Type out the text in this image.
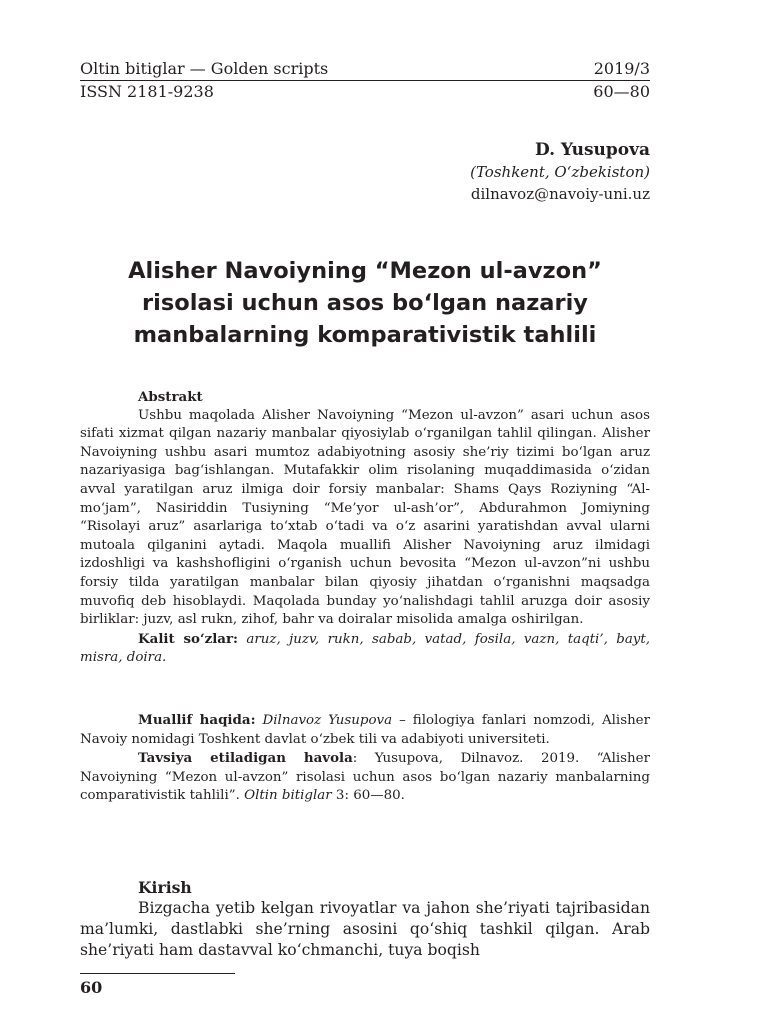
Oltin bitiglar — Golden scripts	2019/3
ISSN 2181-9238	60—80
D. Yusupova
(Toshkent, O‘zbekiston)
dilnavoz@navoiy-uni.uz
Alisher Navoiyning “Mezon ul-avzon”
risolasi uchun asos bo‘lgan nazariy
manbalarning komparativistik tahlili
Abstrakt

Ushbu maqolada Alisher Navoiyning “Mezon ul-avzon” asari uchun asos sifati xizmat qilgan nazariy manbalar qiyosiylab o‘rganilgan tahlil qilingan. Alisher Navoiyning ushbu asari mumtoz adabiyotning asosiy she’riy tizimi bo‘lgan aruz nazariyasiga bag‘ishlangan. Mutafakkir olim risolaning muqaddimasida o‘zidan avval yaratilgan aruz ilmiga doir forsiy manbalar: Shams Qays Roziyning “Al-mo‘jam”, Nasiriddin Tusiyning “Me’yor ul-ash’or”, Abdurahmon Jomiyning “Risolayi aruz” asarlariga to‘xtab o‘tadi va o‘z asarini yaratishdan avval ularni mutoala qilganini aytadi. Maqola muallifi Alisher Navoiyning aruz ilmidagi izdoshligi va kashshofligini o‘rganish uchun bevosita “Mezon ul-avzon”ni ushbu forsiy tilda yaratilgan manbalar bilan qiyosiy jihatdan o‘rganishni maqsadga muvofiq deb hisoblaydi. Maqolada bunday yo‘nalishdagi tahlil aruzga doir asosiy birliklar: juzv, asl rukn, zihof, bahr va doiralar misolida amalga oshirilgan.

Kalit so‘zlar: aruz, juzv, rukn, sabab, vatad, fosila, vazn, taqti’, bayt, misra, doira.

Muallif haqida: Dilnavoz Yusupova – filologiya fanlari nomzodi, Alisher Navoiy nomidagi Toshkent davlat o‘zbek tili va adabiyoti universiteti.

Tavsiya etiladigan havola: Yusupova, Dilnavoz. 2019. “Alisher Navoiyning “Mezon ul-avzon” risolasi uchun asos bo‘lgan nazariy manbalarning comparativistik tahlili”. Oltin bitiglar 3: 60—80.

Kirish

Bizgacha yetib kelgan rivoyatlar va jahon she’riyati tajribasidan ma’lumki, dastlabki she’rning asosini qo‘shiq tashkil qilgan. Arab she’riyati ham dastavval ko‘chmanchi, tuya boqish

60
